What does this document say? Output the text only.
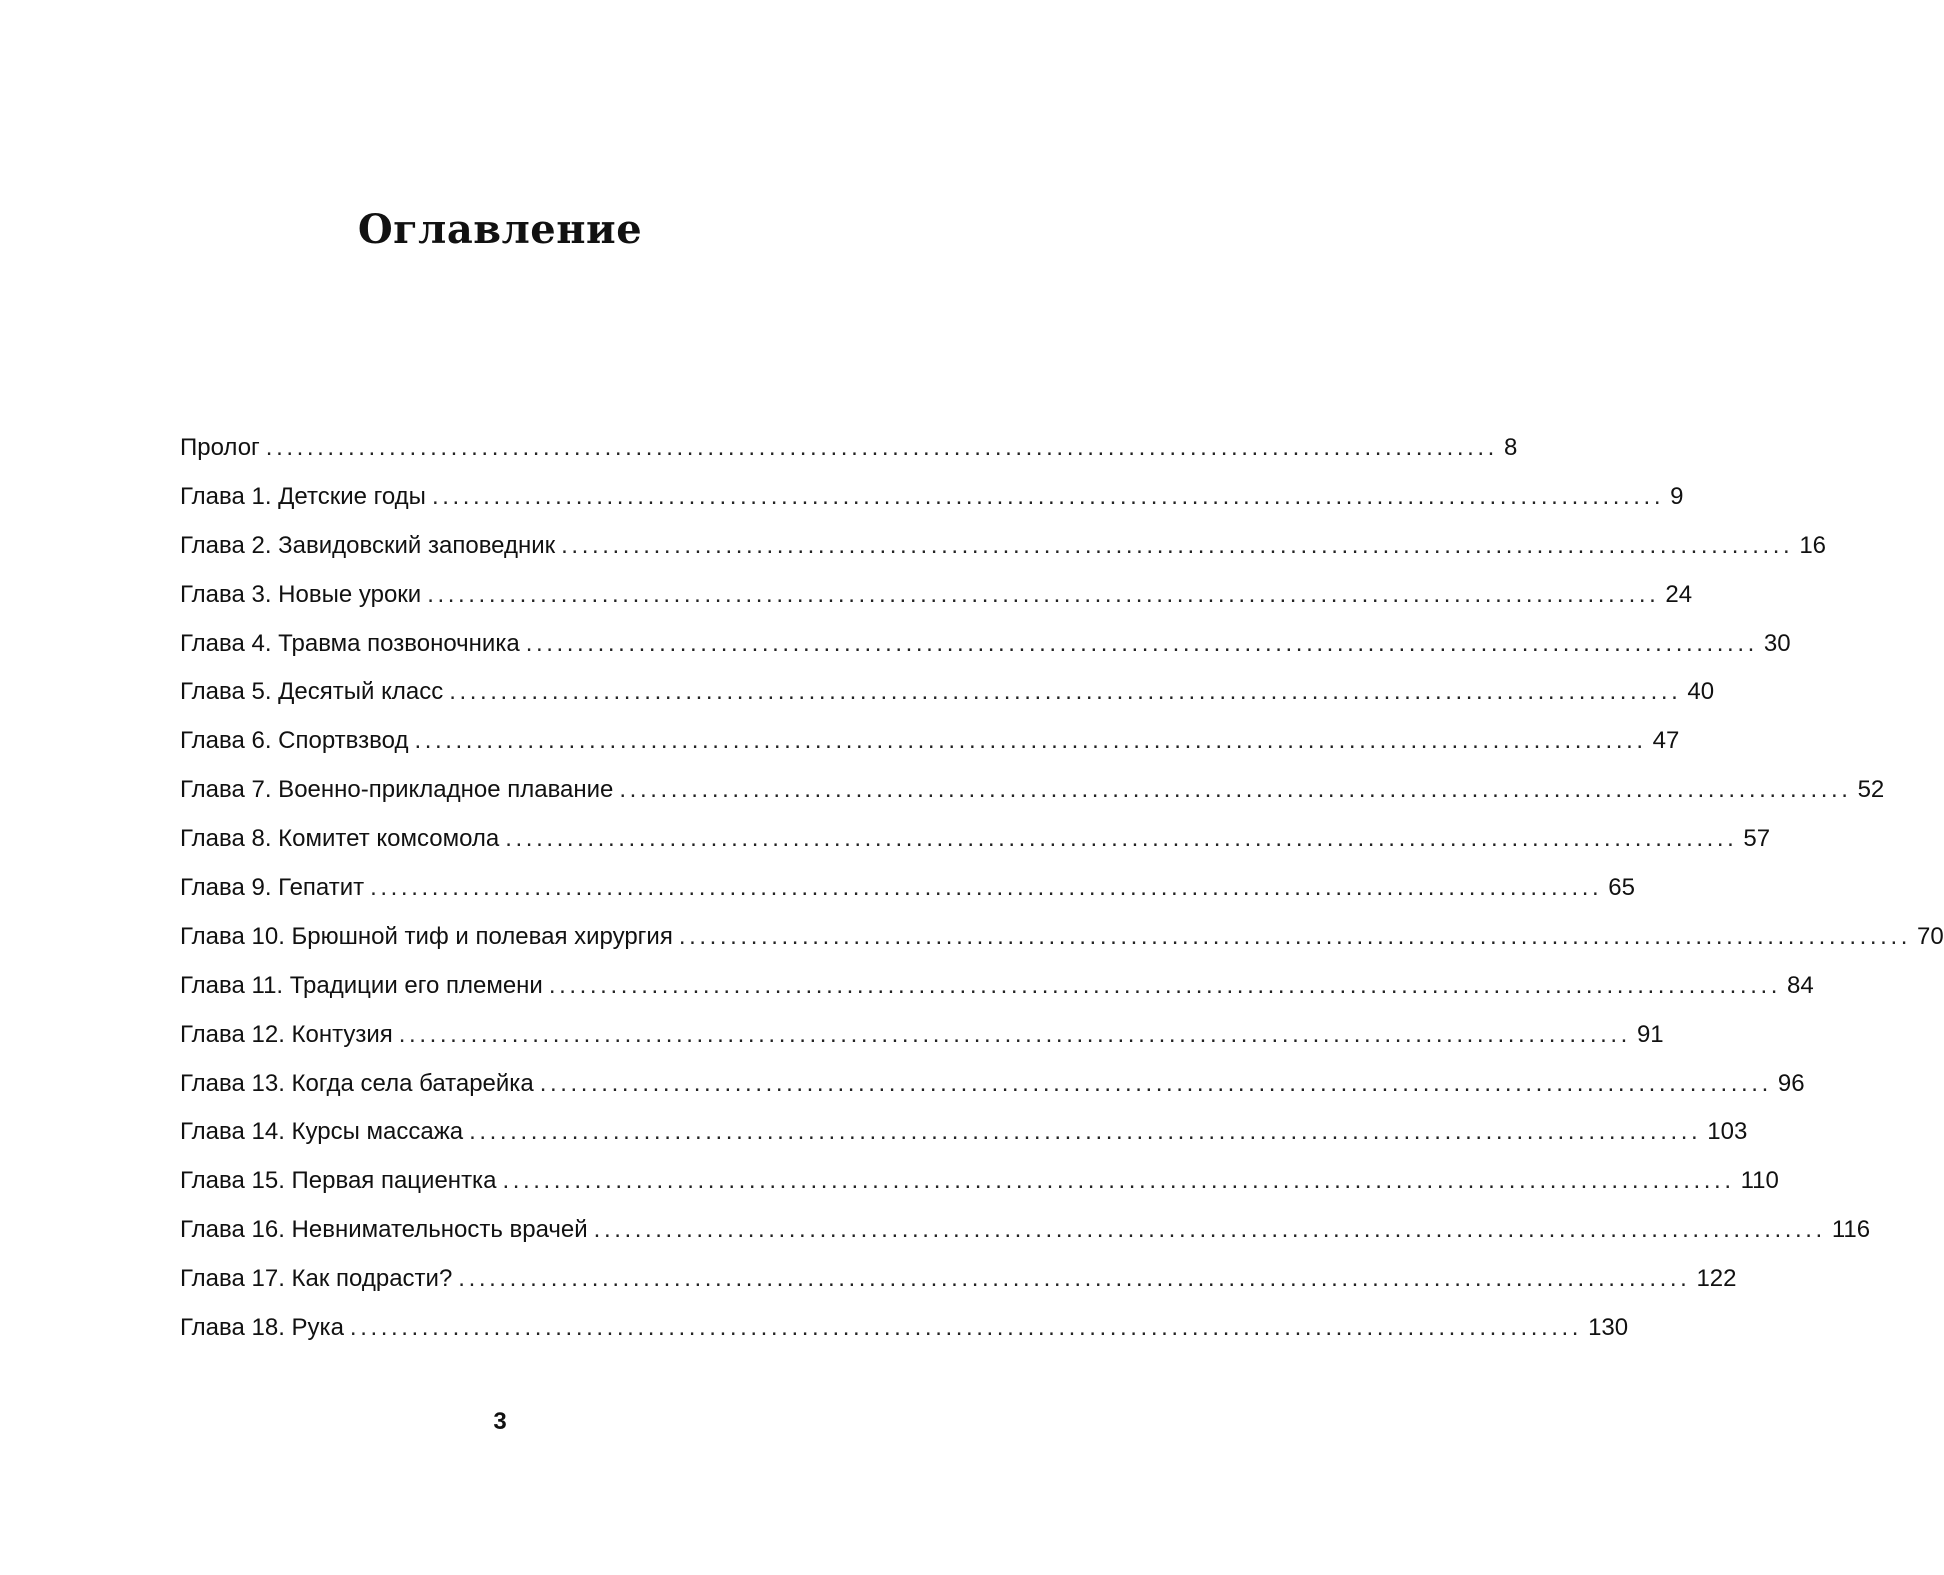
Оглавление
Пролог ........................................................................................................................ 8
Глава 1. Детские годы ........................................................................................................................ 9
Глава 2. Завидовский заповедник ........................................................................................................................ 16
Глава 3. Новые уроки ........................................................................................................................ 24
Глава 4. Травма позвоночника ........................................................................................................................ 30
Глава 5. Десятый класс ........................................................................................................................ 40
Глава 6. Спортвзвод ........................................................................................................................ 47
Глава 7. Военно-прикладное плавание ........................................................................................................................ 52
Глава 8. Комитет комсомола ........................................................................................................................ 57
Глава 9. Гепатит ........................................................................................................................ 65
Глава 10. Брюшной тиф и полевая хирургия ........................................................................................................................ 70
Глава 11. Традиции его племени ........................................................................................................................ 84
Глава 12. Контузия ........................................................................................................................ 91
Глава 13. Когда села батарейка ........................................................................................................................ 96
Глава 14. Курсы массажа ........................................................................................................................ 103
Глава 15. Первая пациентка ........................................................................................................................ 110
Глава 16. Невнимательность врачей ........................................................................................................................ 116
Глава 17. Как подрасти? ........................................................................................................................ 122
Глава 18. Рука ........................................................................................................................ 130
3
